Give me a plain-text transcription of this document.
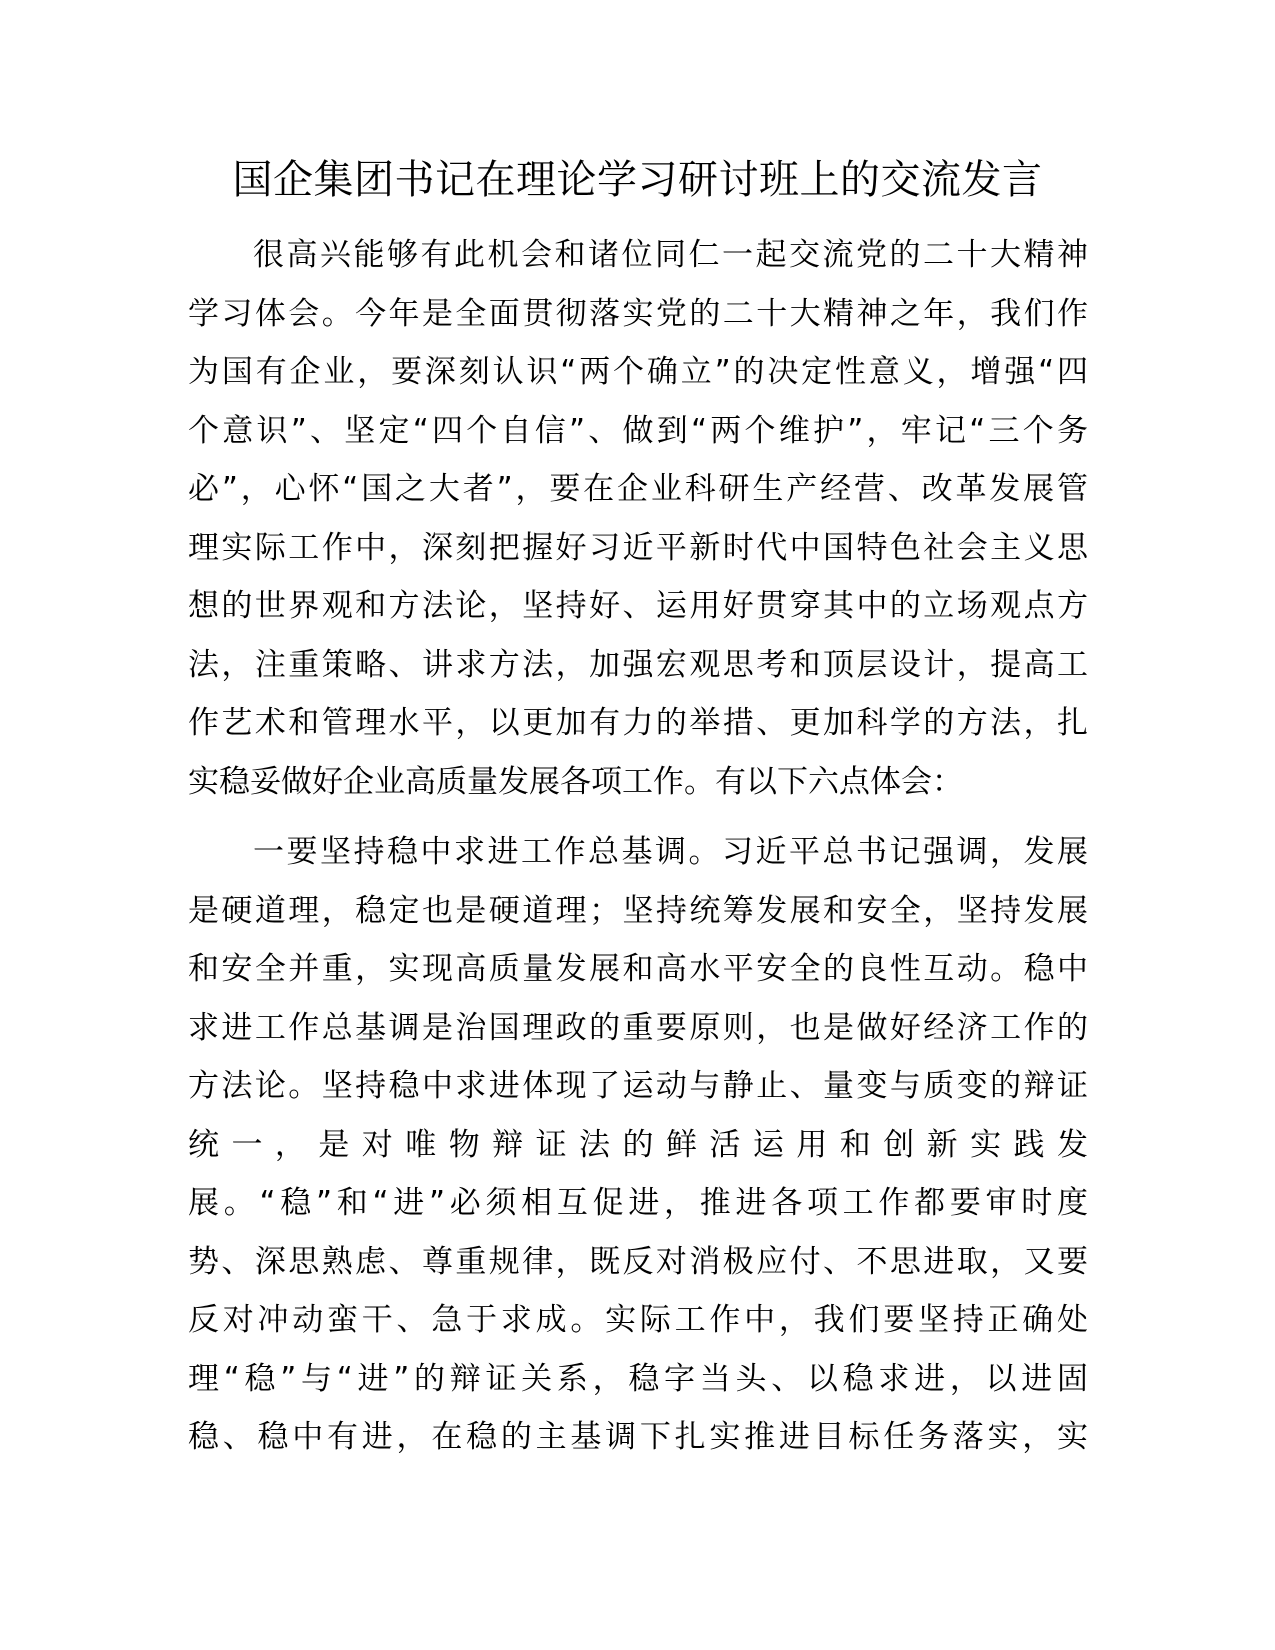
国企集团书记在理论学习研讨班上的交流发言
很高兴能够有此机会和诸位同仁一起交流党的二十大精神
学习体会。今年是全面贯彻落实党的二十大精神之年，我们作
为国有企业，要深刻认识“两个确立”的决定性意义，增强“四
个意识”、坚定“四个自信”、做到“两个维护”，牢记“三个务
必”，心怀“国之大者”，要在企业科研生产经营、改革发展管
理实际工作中，深刻把握好习近平新时代中国特色社会主义思
想的世界观和方法论，坚持好、运用好贯穿其中的立场观点方
法，注重策略、讲求方法，加强宏观思考和顶层设计，提高工
作艺术和管理水平，以更加有力的举措、更加科学的方法，扎
实稳妥做好企业高质量发展各项工作。有以下六点体会：
一要坚持稳中求进工作总基调。习近平总书记强调，发展
是硬道理，稳定也是硬道理；坚持统筹发展和安全，坚持发展
和安全并重，实现高质量发展和高水平安全的良性互动。稳中
求进工作总基调是治国理政的重要原则，也是做好经济工作的
方法论。坚持稳中求进体现了运动与静止、量变与质变的辩证
统一，是对唯物辩证法的鲜活运用和创新实践发
展。“稳”和“进”必须相互促进，推进各项工作都要审时度
势、深思熟虑、尊重规律，既反对消极应付、不思进取，又要
反对冲动蛮干、急于求成。实际工作中，我们要坚持正确处
理“稳”与“进”的辩证关系，稳字当头、以稳求进，以进固
稳、稳中有进，在稳的主基调下扎实推进目标任务落实，实
